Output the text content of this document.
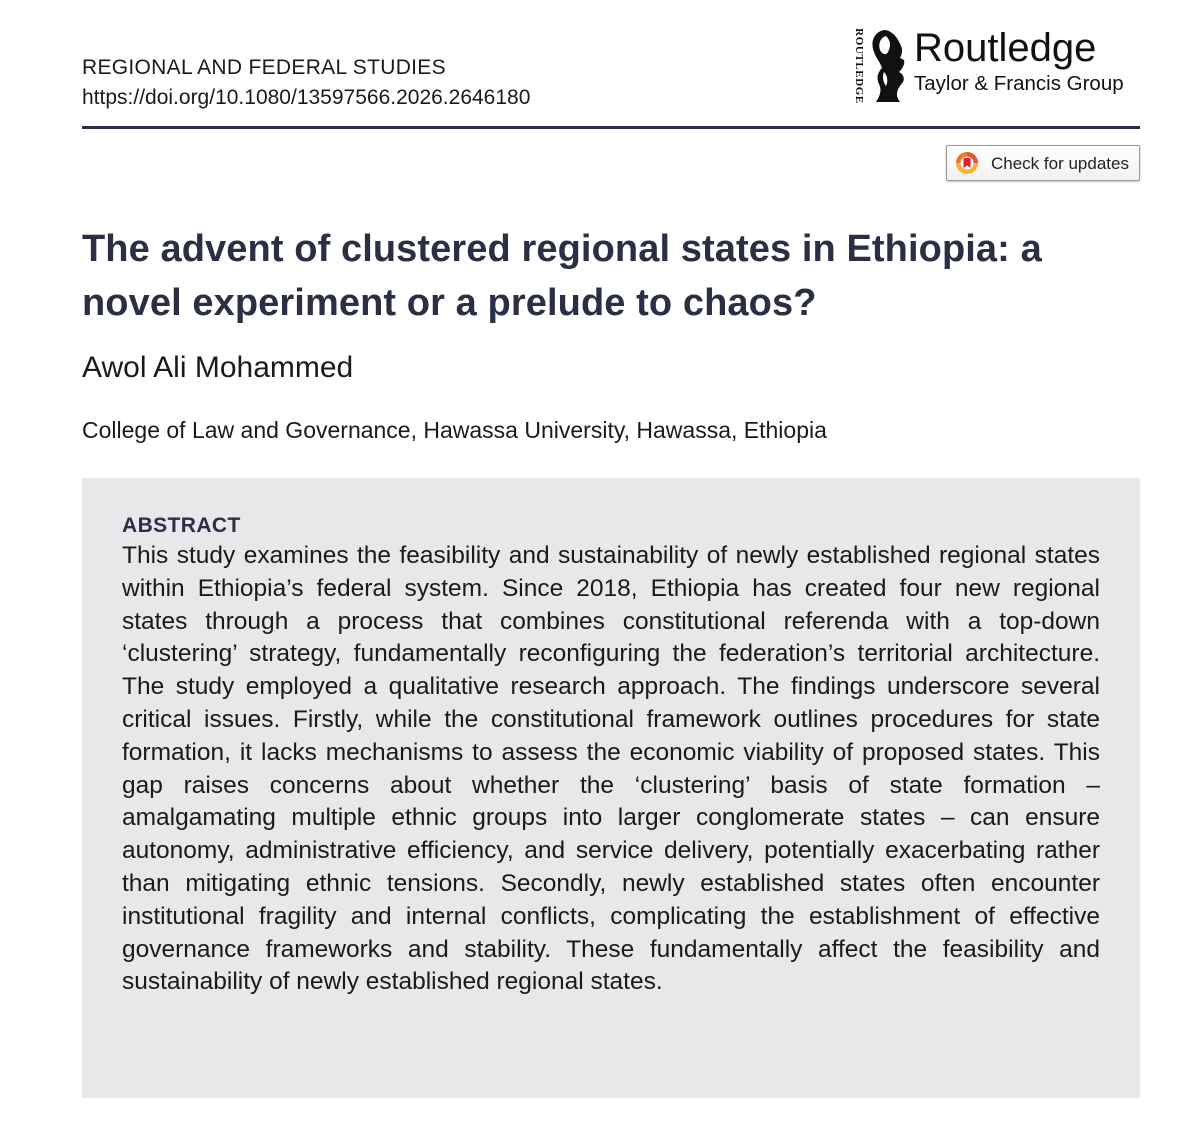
REGIONAL AND FEDERAL STUDIES
https://doi.org/10.1080/13597566.2026.2646180	ROUTLEDGE Routledge
Taylor & Francis Group
Check for updates
The advent of clustered regional states in Ethiopia: a novel experiment or a prelude to chaos?
Awol Ali Mohammed
College of Law and Governance, Hawassa University, Hawassa, Ethiopia
ABSTRACT

This study examines the feasibility and sustainability of newly established regional states within Ethiopia’s federal system. Since 2018, Ethiopia has created four new regional states through a process that combines constitutional referenda with a top-down ‘clustering’ strategy, fundamentally reconfiguring the federation’s territorial architecture. The study employed a qualitative research approach. The findings underscore several critical issues. Firstly, while the constitutional framework outlines procedures for state formation, it lacks mechanisms to assess the economic viability of proposed states. This gap raises concerns about whether the ‘clustering’ basis of state formation – amalgamating multiple ethnic groups into larger conglomerate states – can ensure autonomy, administrative efficiency, and service delivery, potentially exacerbating rather than mitigating ethnic tensions. Secondly, newly established states often encounter institutional fragility and internal conflicts, complicating the establishment of effective governance frameworks and stability. These fundamentally affect the feasibility and sustainability of newly established regional states.
